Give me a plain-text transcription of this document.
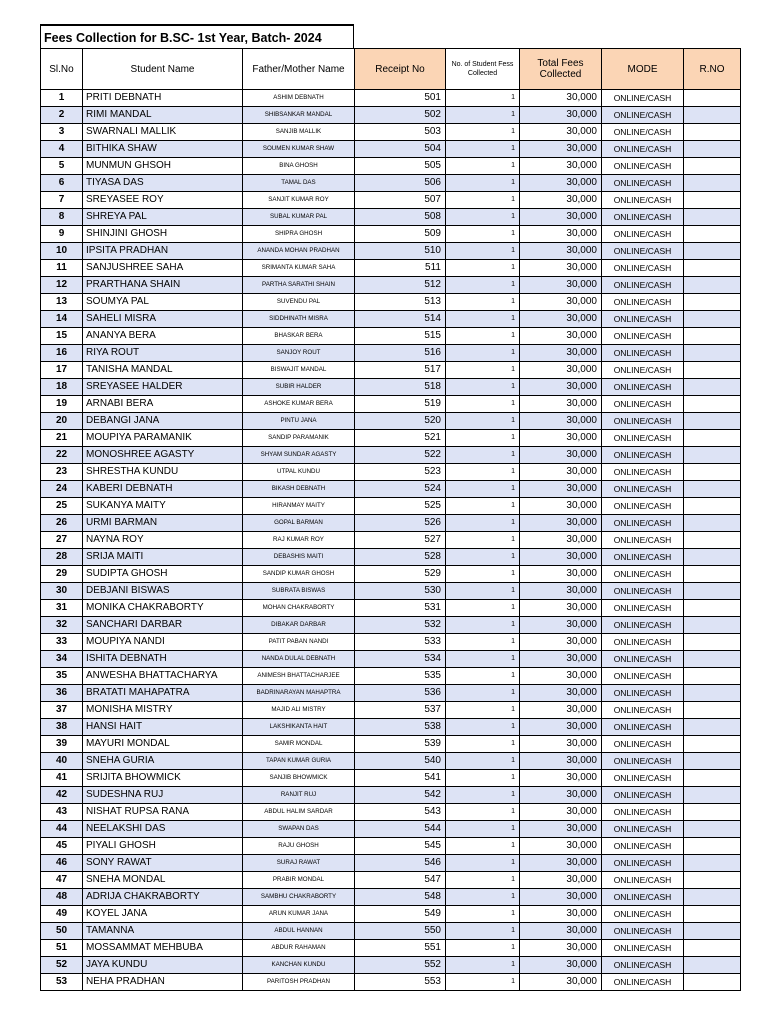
Fees Collection for B.SC- 1st Year, Batch- 2024
Sl.No	Student Name	Father/Mother Name	Receipt No	No. of Student Fess Collected	Total Fees Collected	MODE	R.NO
1	PRITI DEBNATH	ASHIM DEBNATH	501	1	30,000	ONLINE/CASH	
2	RIMI MANDAL	SHIBSANKAR MANDAL	502	1	30,000	ONLINE/CASH	
3	SWARNALI MALLIK	SANJIB MALLIK	503	1	30,000	ONLINE/CASH	
4	BITHIKA SHAW	SOUMEN KUMAR SHAW	504	1	30,000	ONLINE/CASH	
5	MUNMUN GHSOH	BINA GHOSH	505	1	30,000	ONLINE/CASH	
6	TIYASA DAS	TAMAL DAS	506	1	30,000	ONLINE/CASH	
7	SREYASEE ROY	SANJIT KUMAR ROY	507	1	30,000	ONLINE/CASH	
8	SHREYA PAL	SUBAL KUMAR PAL	508	1	30,000	ONLINE/CASH	
9	SHINJINI GHOSH	SHIPRA GHOSH	509	1	30,000	ONLINE/CASH	
10	IPSITA PRADHAN	ANANDA MOHAN PRADHAN	510	1	30,000	ONLINE/CASH	
11	SANJUSHREE SAHA	SRIMANTA KUMAR SAHA	511	1	30,000	ONLINE/CASH	
12	PRARTHANA SHAIN	PARTHA SARATHI SHAIN	512	1	30,000	ONLINE/CASH	
13	SOUMYA PAL	SUVENDU PAL	513	1	30,000	ONLINE/CASH	
14	SAHELI MISRA	SIDDHINATH MISRA	514	1	30,000	ONLINE/CASH	
15	ANANYA BERA	BHASKAR BERA	515	1	30,000	ONLINE/CASH	
16	RIYA ROUT	SANJOY ROUT	516	1	30,000	ONLINE/CASH	
17	TANISHA MANDAL	BISWAJIT MANDAL	517	1	30,000	ONLINE/CASH	
18	SREYASEE HALDER	SUBIR HALDER	518	1	30,000	ONLINE/CASH	
19	ARNABI BERA	ASHOKE KUMAR BERA	519	1	30,000	ONLINE/CASH	
20	DEBANGI JANA	PINTU JANA	520	1	30,000	ONLINE/CASH	
21	MOUPIYA PARAMANIK	SANDIP PARAMANIK	521	1	30,000	ONLINE/CASH	
22	MONOSHREE AGASTY	SHYAM SUNDAR AGASTY	522	1	30,000	ONLINE/CASH	
23	SHRESTHA KUNDU	UTPAL KUNDU	523	1	30,000	ONLINE/CASH	
24	KABERI DEBNATH	BIKASH DEBNATH	524	1	30,000	ONLINE/CASH	
25	SUKANYA MAITY	HIRANMAY MAITY	525	1	30,000	ONLINE/CASH	
26	URMI BARMAN	GOPAL BARMAN	526	1	30,000	ONLINE/CASH	
27	NAYNA ROY	RAJ KUMAR ROY	527	1	30,000	ONLINE/CASH	
28	SRIJA MAITI	DEBASHIS MAITI	528	1	30,000	ONLINE/CASH	
29	SUDIPTA GHOSH	SANDIP KUMAR GHOSH	529	1	30,000	ONLINE/CASH	
30	DEBJANI BISWAS	SUBRATA BISWAS	530	1	30,000	ONLINE/CASH	
31	MONIKA CHAKRABORTY	MOHAN CHAKRABORTY	531	1	30,000	ONLINE/CASH	
32	SANCHARI DARBAR	DIBAKAR DARBAR	532	1	30,000	ONLINE/CASH	
33	MOUPIYA NANDI	PATIT PABAN NANDI	533	1	30,000	ONLINE/CASH	
34	ISHITA DEBNATH	NANDA DULAL DEBNATH	534	1	30,000	ONLINE/CASH	
35	ANWESHA BHATTACHARYA	ANIMESH BHATTACHARJEE	535	1	30,000	ONLINE/CASH	
36	BRATATI MAHAPATRA	BADRINARAYAN MAHAPTRA	536	1	30,000	ONLINE/CASH	
37	MONISHA MISTRY	MAJID ALI MISTRY	537	1	30,000	ONLINE/CASH	
38	HANSI HAIT	LAKSHIKANTA HAIT	538	1	30,000	ONLINE/CASH	
39	MAYURI MONDAL	SAMIR MONDAL	539	1	30,000	ONLINE/CASH	
40	SNEHA GURIA	TAPAN KUMAR GURIA	540	1	30,000	ONLINE/CASH	
41	SRIJITA BHOWMICK	SANJIB BHOWMICK	541	1	30,000	ONLINE/CASH	
42	SUDESHNA RUJ	RANJIT RUJ	542	1	30,000	ONLINE/CASH	
43	NISHAT RUPSA RANA	ABDUL HALIM SARDAR	543	1	30,000	ONLINE/CASH	
44	NEELAKSHI DAS	SWAPAN DAS	544	1	30,000	ONLINE/CASH	
45	PIYALI GHOSH	RAJU GHOSH	545	1	30,000	ONLINE/CASH	
46	SONY RAWAT	SURAJ RAWAT	546	1	30,000	ONLINE/CASH	
47	SNEHA MONDAL	PRABIR MONDAL	547	1	30,000	ONLINE/CASH	
48	ADRIJA CHAKRABORTY	SAMBHU CHAKRABORTY	548	1	30,000	ONLINE/CASH	
49	KOYEL JANA	ARUN KUMAR JANA	549	1	30,000	ONLINE/CASH	
50	TAMANNA	ABDUL HANNAN	550	1	30,000	ONLINE/CASH	
51	MOSSAMMAT MEHBUBA	ABDUR RAHAMAN	551	1	30,000	ONLINE/CASH	
52	JAYA KUNDU	KANCHAN KUNDU	552	1	30,000	ONLINE/CASH	
53	NEHA PRADHAN	PARITOSH PRADHAN	553	1	30,000	ONLINE/CASH	
